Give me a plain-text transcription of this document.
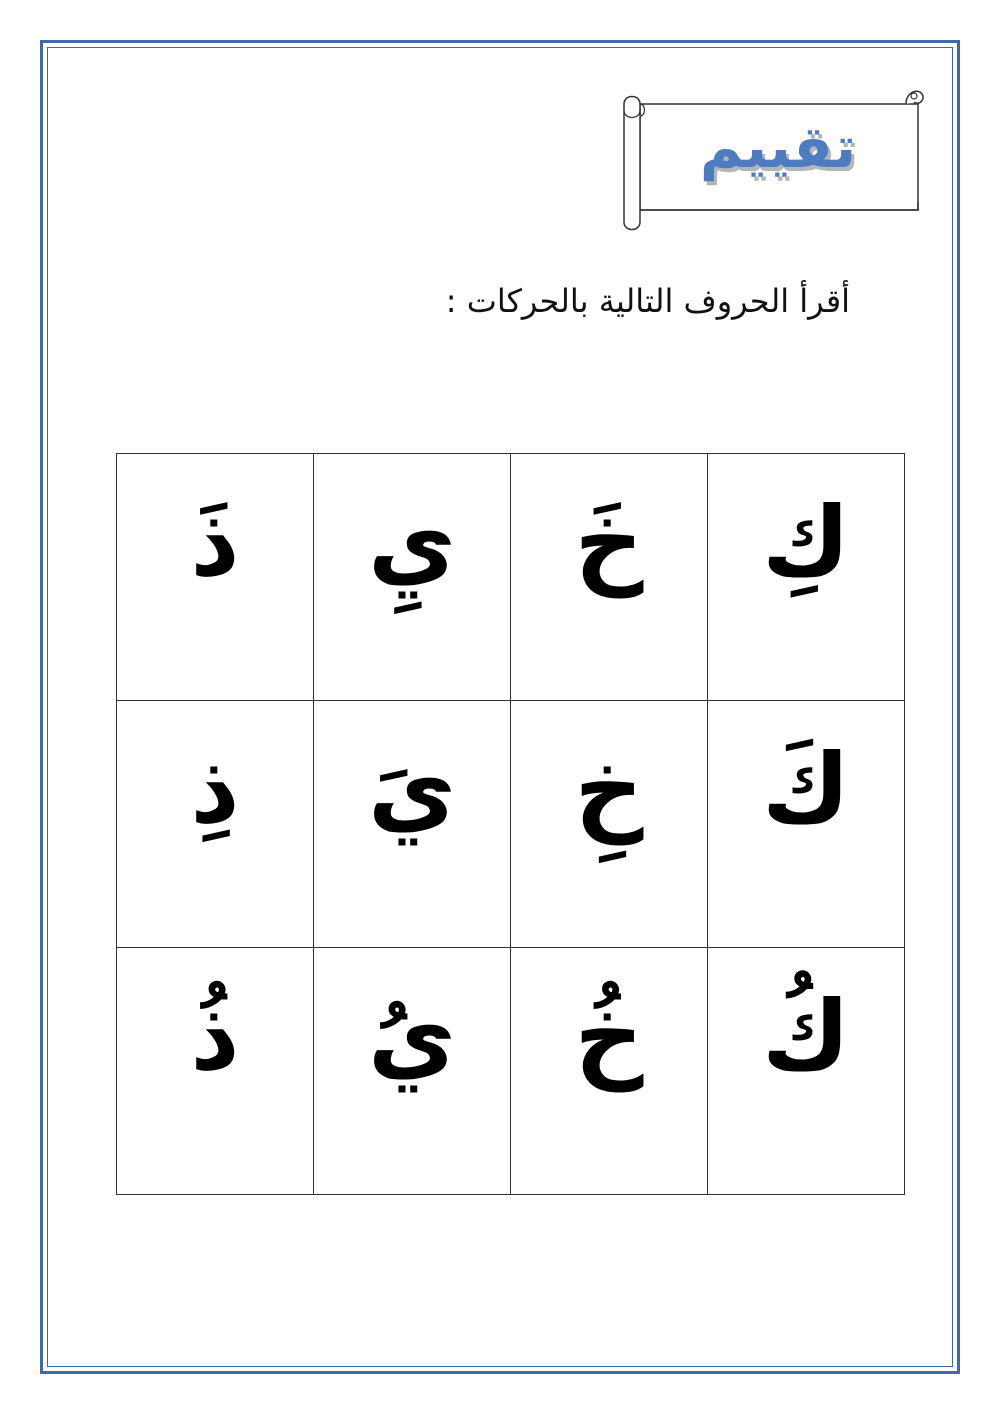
تقييم
أقرأ الحروف التالية بالحركات :
كِ	خَ	يِ	ذَ

كَ	خِ	يَ	ذِ

كُ	خُ	يُ	ذُ
